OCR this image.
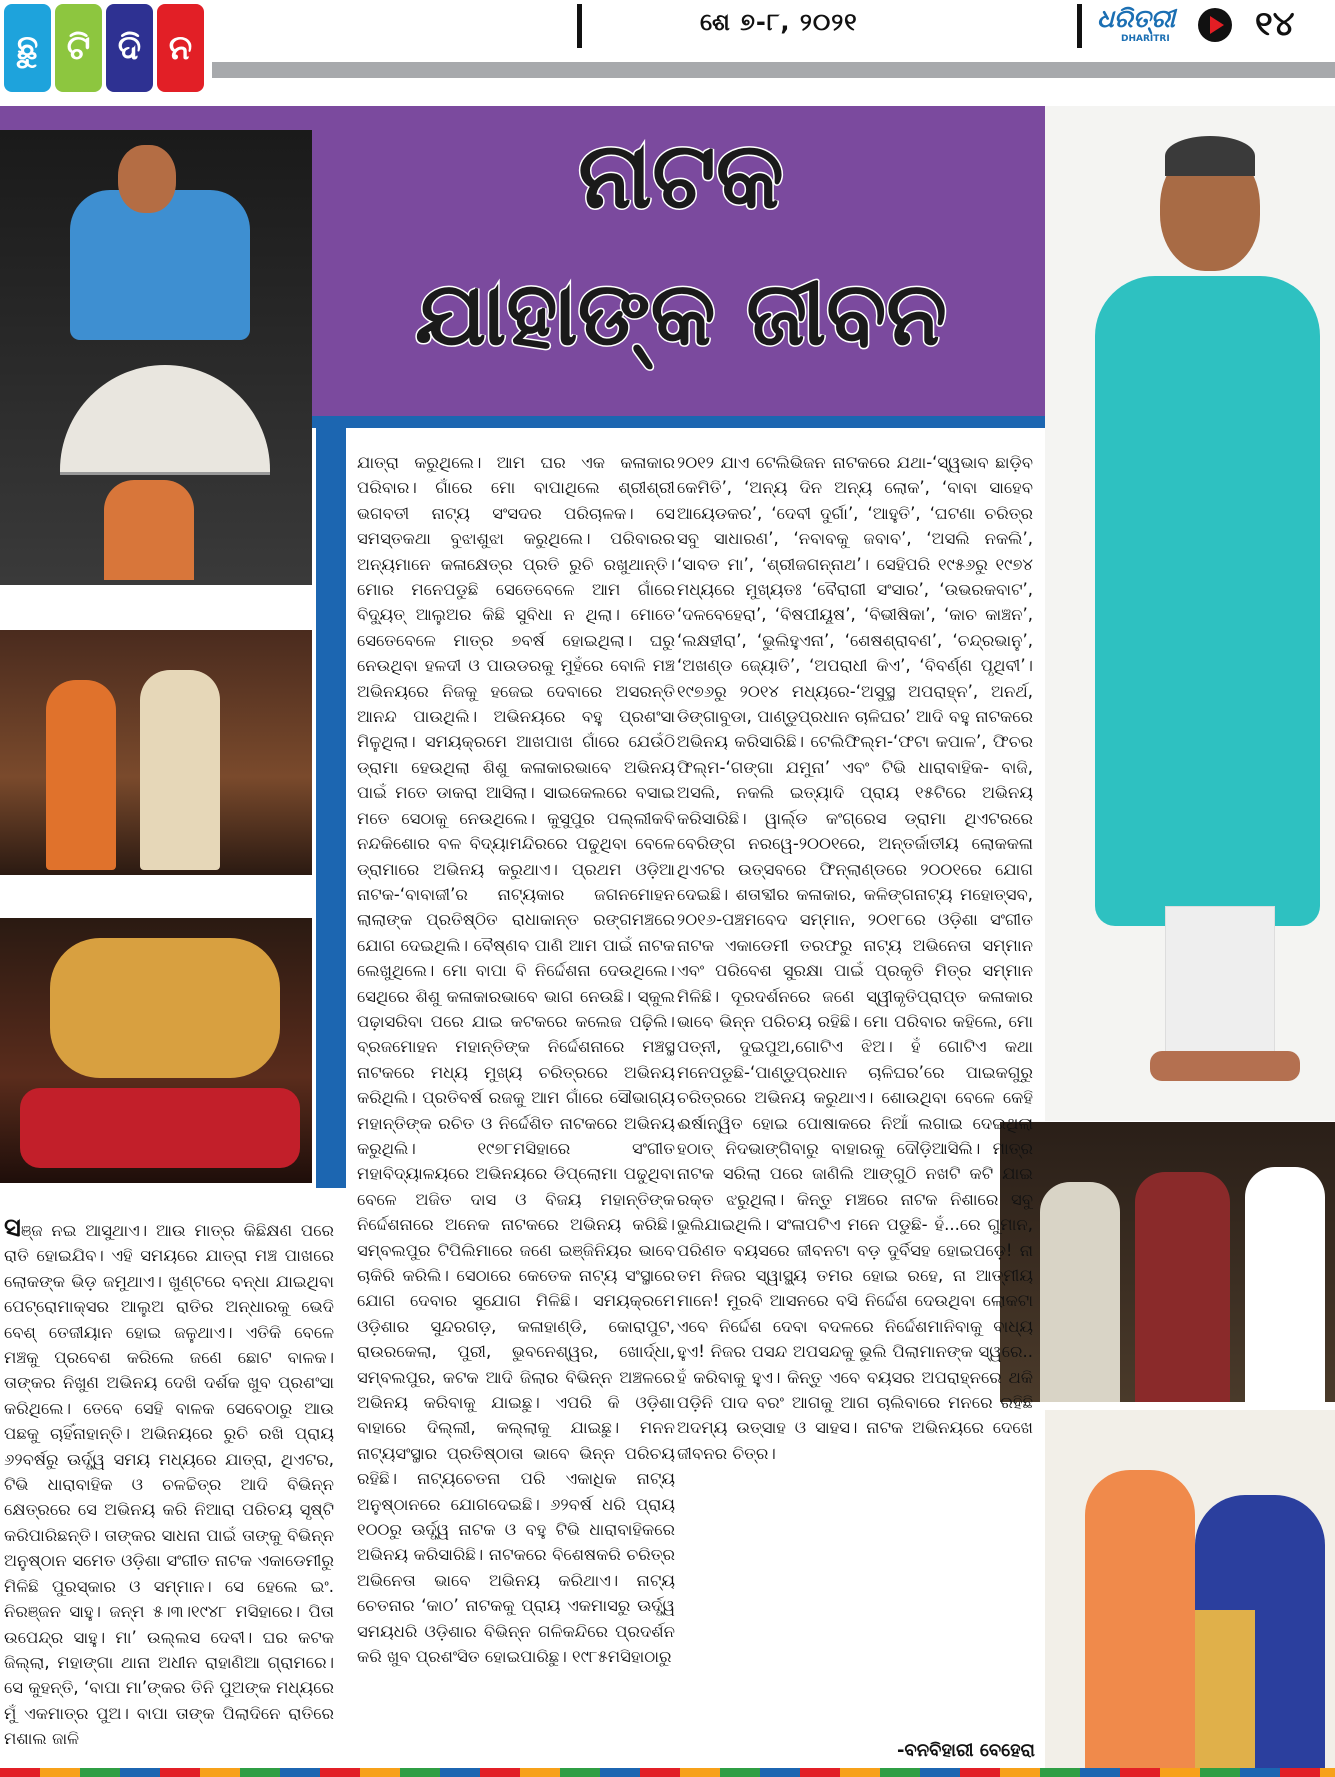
ଛୁ ଟି ଦି ନ
ଶେ ୭-୮, ୨୦୨୧	ଧରିତ୍ରୀ
DHARITRI	୧୪
ନାଟକ
ଯାହାଙ୍କ ଜୀବନ
ଯାତ୍ରା କରୁଥିଲେ। ଆମ ଘର ଏକ କଳାକାର ପରିବାର। ଗାଁରେ ମୋ ବାପାଥିଲେ ଶ୍ରୀଶ୍ରୀ ଭଗବତୀ ନାଟ୍ୟ ସଂସଦର ପରିଚାଳକ। ସେ ସମସ୍ତକଥା ବୁଝାଶୁଝା କରୁଥିଲେ। ପରିବାରର ଅନ୍ୟମାନେ କଳାକ୍ଷେତ୍ର ପ୍ରତି ରୁଚି ରଖୁଥାନ୍ତି। ମୋର ମନେପଡୁଛି ସେତେବେଳେ ଆମ ଗାଁରେ ବିଦ୍ୟୁତ୍‌ ଆଲୁଅର କିଛି ସୁବିଧା ନ ଥିଲା। ମୋତେ ସେତେବେଳେ ମାତ୍ର ୭ବର୍ଷ ହୋଇଥିଲା। ଘରୁ ନେଉଥିବା ହଳଦୀ ଓ ପାଉଡରକୁ ମୁହଁରେ ବୋଳି ମଞ୍ଚ ଅଭିନୟରେ ନିଜକୁ ହଜେଇ ଦେବାରେ ଅସରନ୍ତି ଆନନ୍ଦ ପାଉଥିଲି। ଅଭିନୟରେ ବହୁ ପ୍ରଶଂସା ମିଳୁଥିଲା। ସମୟକ୍ରମେ ଆଖପାଖ ଗାଁରେ ଯେଉଁଠି ଡ୍ରାମା ହେଉଥିଲା ଶିଶୁ କଳାକାରଭାବେ ଅଭିନୟ ପାଇଁ ମତେ ଡାକରା ଆସିଲା। ସାଇକେଲରେ ବସାଇ ମତେ ସେଠାକୁ ନେଉଥିଲେ। କୁସୁପୁର ପଲ୍ଲୀକବି ନନ୍ଦକିଶୋର ବଳ ବିଦ୍ୟାମନ୍ଦିରରେ ପଢୁଥିବା ବେଳେ ଡ୍ରାମାରେ ଅଭିନୟ କରୁଥାଏ। ପ୍ରଥମ ଓଡ଼ିଆ ନାଟକ-‘ବାବାଜୀ’ର ନାଟ୍ୟକାର ଜଗନମୋହନ ଲାଲାଙ୍କ ପ୍ରତିଷ୍ଠିତ ରାଧାକାନ୍ତ ରଙ୍ଗମଞ୍ଚରେ ଯୋଗ ଦେଇଥିଲି। ବୈଷ୍ଣବ ପାଣି ଆମ ପାଇଁ ନାଟକ ଲେଖୁଥିଲେ। ମୋ ବାପା ବି ନିର୍ଦ୍ଦେଶନା ଦେଉଥିଲେ। ସେଥିରେ ଶିଶୁ କଳାକାରଭାବେ ଭାଗ ନେଉଛି। ସ୍କୁଲ ପଢ଼ାସରିବା ପରେ ଯାଇ କଟକରେ କଲେଜ ପଢ଼ିଲି। ବ୍ରଜମୋହନ ମହାନ୍ତିଙ୍କ ନିର୍ଦ୍ଦେଶନାରେ ମଞ୍ଚସ୍ଥ ନାଟକରେ ମଧ୍ୟ ମୁଖ୍ୟ ଚରିତ୍ରରେ ଅଭିନୟ କରିଥିଲି। ପ୍ରତିବର୍ଷ ରଜକୁ ଆମ ଗାଁରେ ସୌଭାଗ୍ୟ ମହାନ୍ତିଙ୍କ ରଚିତ ଓ ନିର୍ଦ୍ଦେଶିତ ନାଟକରେ ଅଭିନୟ କରୁଥିଲି। ୧୯୭୮ମସିହାରେ ସଂଗୀତ ମହାବିଦ୍ୟାଳୟରେ ଅଭିନୟରେ ଡିପ୍ଲୋମା ପଢୁଥିବା ବେଳେ ଅଜିତ ଦାସ ଓ ବିଜୟ ମହାନ୍ତିଙ୍କ ନିର୍ଦ୍ଦେଶନାରେ ଅନେକ ନାଟକରେ ଅଭିନୟ କରିଛି। ସମ୍ବଲପୁର ଟିପିଲିମାରେ ଜଣେ ଇଞ୍ଜିନିୟର ଭାବେ ଚାକିରି କରିଲି। ସେଠାରେ କେତେକ ନାଟ୍ୟ ସଂସ୍ଥାରେ ଯୋଗ ଦେବାର ସୁଯୋଗ ମିଳିଛି। ସମୟକ୍ରମେ ଓଡ଼ିଶାର ସୁନ୍ଦରଗଡ଼, କଳାହାଣ୍ଡି, କୋରାପୁଟ, ରାଉରକେଲା, ପୁରୀ, ଭୁବନେଶ୍ୱର, ଖୋର୍ଦ୍ଧା, ସମ୍ବଲପୁର, କଟକ ଆଦି ଜିଲାର ବିଭିନ୍ନ ଅଞ୍ଚଳରେ ଅଭିନୟ କରିବାକୁ ଯାଇଛୁ। ଏପରି କି ଓଡ଼ିଶା ବାହାରେ ଦିଲ୍ଲୀ, କଲ୍ଲାକୁ ଯାଇଛୁ। ମନନ ନାଟ୍ୟସଂସ୍ଥାର ପ୍ରତିଷ୍ଠାତା ଭାବେ ଭିନ୍ନ ପରିଚୟ ରହିଛି। ନାଟ୍ୟଚେତନା ପରି ଏକାଧିକ ନାଟ୍ୟ ଅନୁଷ୍ଠାନରେ ଯୋଗଦେଇଛି। ୬୨ବର୍ଷ ଧରି ପ୍ରାୟ ୧୦୦ରୁ ଊର୍ଦ୍ଧ୍ୱ ନାଟକ ଓ ବହୁ ଟିଭି ଧାରାବାହିକରେ ଅଭିନୟ କରିସାରିଛି। ନାଟକରେ ବିଶେଷକରି ଚରିତ୍ର ଅଭିନେତା ଭାବେ ଅଭିନୟ କରିଥାଏ। ନାଟ୍ୟ ଚେତନାର ‘କାଠ’ ନାଟକକୁ ପ୍ରାୟ ଏକମାସରୁ ଊର୍ଦ୍ଧ୍ୱ ସମୟଧରି ଓଡ଼ିଶାର ବିଭିନ୍ନ ଗଳିକନ୍ଦିରେ ପ୍ରଦର୍ଶନ କରି ଖୁବ ପ୍ରଶଂସିତ ହୋଇପାରିଛୁ। ୧୯୮୫ମସିହାଠାରୁ
୨୦୧୨ ଯାଏ ଟେଲିଭିଜନ ନାଟକରେ ଯଥା-‘ସ୍ୱଭାବ ଛାଡ଼ିବ କେମିତି’, ‘ଅନ୍ୟ ଦିନ ଅନ୍ୟ ଲୋକ’, ‘ବାବା ସାହେବ ଆୟେଡକର’, ‘ଦେବୀ ଦୁର୍ଗା’, ‘ଆହୁତି’, ‘ଘଟଣା ଚରିତ୍ର ସବୁ ସାଧାରଣ’, ‘ନବାବକୁ ଜବାବ’, ‘ଅସଲି ନକଲି’, ‘ସାବତ ମା’, ‘ଶ୍ରୀଜଗନ୍ନାଥ’। ସେହିପରି ୧୯୫୬ରୁ ୧୯୭୪ ମଧ୍ୟରେ ମୁଖ୍ୟତଃ ‘ବୈରାଗୀ ସଂସାର’, ‘ଉଭରକବାଟ’, ‘ଦଳବେହେରା’, ‘ବିଷପୀୟୂଷ’, ‘ବିଭୀଷିକା’, ‘କାଚ କାଞ୍ଚନ’, ‘ଲକ୍ଷହୀରା’, ‘ଭୁଲିହୁଏନା’, ‘ଶେଷଶ୍ରାବଣ’, ‘ଚନ୍ଦ୍ରଭାନୁ’, ‘ଅଖଣ୍ଡ ଜ୍ୟୋତି’, ‘ଅପରାଧୀ କିଏ’, ‘ବିବର୍ଣ୍ଣ ପୃଥିବୀ’। ୧୯୭୬ରୁ ୨୦୧୪ ମଧ୍ୟରେ-‘ଅସୁସ୍ଥ ଅପରାହ୍ନ’, ଅନର୍ଥ, ଡିଙ୍ଗାବୁଡା, ପାଣ୍ଡୁପ୍ରଧାନ ଚାଳିଘର’ ଆଦି ବହୁ ନାଟକରେ ଅଭିନୟ କରିସାରିଛି। ଟେଲିଫିଲ୍ମ-‘ଫଟା କପାଳ’, ଫିଚର ଫିଲ୍ମ-‘ଗଙ୍ଗା ଯମୁନା’ ଏବଂ ଟିଭି ଧାରାବାହିକ- ବାଜି, ଅସଲି, ନକଲି ଇତ୍ୟାଦି ପ୍ରାୟ ୧୫ଟିରେ ଅଭିନୟ କରିସାରିଛି। ୱାର୍ଲ୍ଡ କଂଗ୍ରେସ ଡ୍ରାମା ଥିଏଟରରେ ବେରିଙ୍ଗ ନରୱେ-୨୦୦୧ରେ, ଅନ୍ତର୍ଜାତୀୟ ଲୋକକଳା ଥିଏଟର ଉତ୍ସବରେ ଫିନ୍ଲାଣ୍ଡରେ ୨୦୦୧ରେ ଯୋଗ ଦେଇଛି। ଶତାବ୍ଦୀର କଳାକାର, କଳିଙ୍ଗନାଟ୍ୟ ମହୋତ୍ସବ, ୨୦୧୬-ପଞ୍ଚମବେଦ ସମ୍ମାନ, ୨୦୧୮ରେ ଓଡ଼ିଶା ସଂଗୀତ ନାଟକ ଏକାଡେମୀ ତରଫରୁ ନାଟ୍ୟ ଅଭିନେତା ସମ୍ମାନ ଏବଂ ପରିବେଶ ସୁରକ୍ଷା ପାଇଁ ପ୍ରକୃତି ମିତ୍ର ସମ୍ମାନ ମିଳିଛି। ଦୂରଦର୍ଶନରେ ଜଣେ ସ୍ୱୀକୃତିପ୍ରାପ୍ତ କଳାକାର ଭାବେ ଭିନ୍ନ ପରିଚୟ ରହିଛି। ମୋ ପରିବାର କହିଲେ, ମୋ ପତ୍ନୀ, ଦୁଇପୁଅ,ଗୋଟିଏ ଝିଅ। ହଁ ଗୋଟିଏ କଥା ମନେପଡୁଛି-‘ପାଣ୍ଡୁପ୍ରଧାନ ଚାଳିଘର’ରେ ପାଇକଗୁରୁ ଚରିତ୍ରରେ ଅଭିନୟ କରୁଥାଏ। ଶୋଉଥିବା ବେଳେ କେହି ଈର୍ଷାନ୍ୱିତ ହୋଇ ପୋଷାକରେ ନିଆଁ ଲଗାଇ ଦେଇଥିଲା ହଠାତ୍‌ ନିଦଭାଙ୍ଗିବାରୁ ବାହାରକୁ ଦୌଡ଼ିଆସିଲି। ମାତ୍ର ନାଟକ ସରିଲା ପରେ ଜାଣିଲି ଆଙ୍ଗୁଠି ନଖଟି କଟି ଯାଇ ରକ୍ତ ଝରୁଥିଲା। କିନ୍ତୁ ମଞ୍ଚରେ ନାଟକ ନିଶାରେ ସବୁ ଭୁଲିଯାଇଥିଲି। ସଂଳାପଟିଏ ମନେ ପଡୁଛି- ହଁ...ରେ ଗୁମାନ, ପରିଣତ ବୟସରେ ଜୀବନଟା ବଡ଼ ଦୁର୍ବିସହ ହୋଇପଡ଼େ! ନା ତମ ନିଜର ସ୍ୱାସ୍ଥ୍ୟ ତମର ହୋଇ ରହେ, ନା ଆତ୍ମୀୟ ମାନେ! ମୁରବି ଆସନରେ ବସି ନିର୍ଦ୍ଦେଶ ଦେଉଥିବା ଲୋକଟା ଏବେ ନିର୍ଦ୍ଦେଶ ଦେବା ବଦଳରେ ନିର୍ଦ୍ଦେଶମାନିବାକୁ ବାଧ୍ୟ ହୁଏ! ନିଜର ପସନ୍ଦ ଅପସନ୍ଦକୁ ଭୁଲି ପିଲାମାନଙ୍କ ସ୍ୱରେ.. ହଁ କରିବାକୁ ହୁଏ। କିନ୍ତୁ ଏବେ ବୟସର ଅପରାହ୍ନରେ ଥକି ପଡ଼ିନି ପାଦ ବରଂ ଆଗକୁ ଆଗ ଚାଲିବାରେ ମନରେ ରହିଛି ଅଦମ୍ୟ ଉତ୍ସାହ ଓ ସାହସ। ନାଟକ ଅଭିନୟରେ ଦେଖେ ଜୀବନର ଚିତ୍ର।
ସଞ୍ଜ ନଇ ଆସୁଥାଏ। ଆଉ ମାତ୍ର କିଛିକ୍ଷଣ ପରେ ରାତି ହୋଇଯିବ। ଏହି ସମୟରେ ଯାତ୍ରା ମଞ୍ଚ ପାଖରେ ଲୋକଙ୍କ ଭିଡ଼ ଜମୁଥାଏ। ଖୁଣ୍ଟରେ ବନ୍ଧା ଯାଇଥିବା ପେଟ୍ରୋମାକ୍ସର ଆଲୁଅ ରାତିର ଅନ୍ଧାରକୁ ଭେଦି ବେଶ୍‌ ତେଜୀୟାନ ହୋଇ ଜଳୁଥାଏ। ଏତିକି ବେଳେ ମଞ୍ଚକୁ ପ୍ରବେଶ କରିଲେ ଜଣେ ଛୋଟ ବାଳକ। ତାଙ୍କର ନିଖୁଣ ଅଭିନୟ ଦେଖି ଦର୍ଶକ ଖୁବ ପ୍ରଶଂସା କରିଥିଲେ। ତେବେ ସେହି ବାଳକ ସେବେଠାରୁ ଆଉ ପଛକୁ ଚାହିଁନାହାନ୍ତି। ଅଭିନୟରେ ରୁଚି ରଖି ପ୍ରାୟ ୬୨ବର୍ଷରୁ ଊର୍ଦ୍ଧ୍ୱ ସମୟ ମଧ୍ୟରେ ଯାତ୍ରା, ଥିଏଟର, ଟିଭି ଧାରାବାହିକ ଓ ଚଳଚ୍ଚିତ୍ର ଆଦି ବିଭିନ୍ନ କ୍ଷେତ୍ରରେ ସେ ଅଭିନୟ କରି ନିଆରା ପରିଚୟ ସୃଷ୍ଟି କରିପାରିଛନ୍ତି। ତାଙ୍କର ସାଧନା ପାଇଁ ତାଙ୍କୁ ବିଭିନ୍ନ ଅନୁଷ୍ଠାନ ସମେତ ଓଡ଼ିଶା ସଂଗୀତ ନାଟକ ଏକାଡେମୀରୁ ମିଳିଛି ପୁରସ୍କାର ଓ ସମ୍ମାନ। ସେ ହେଲେ ଇଂ. ନିରଞ୍ଜନ ସାହୁ। ଜନ୍ମ ୫।୩।୧୯୪୮ ମସିହାରେ। ପିତା ଉପେନ୍ଦ୍ର ସାହୁ। ମା’ ଉଲ୍ଲସ ଦେବୀ। ଘର କଟକ ଜିଲ୍ଲା, ମହାଙ୍ଗା ଥାନା ଅଧୀନ ରାହାଣିଆ ଗ୍ରାମରେ। ସେ କୁହନ୍ତି, ‘ବାପା ମା’ଙ୍କର ତିନି ପୁଅଙ୍କ ମଧ୍ୟରେ ମୁଁ ଏକମାତ୍ର ପୁଅ। ବାପା ତାଙ୍କ ପିଲାଦିନେ ରାତିରେ ମଶାଲ ଜାଳି
-ବନବିହାରୀ ବେହେରା
